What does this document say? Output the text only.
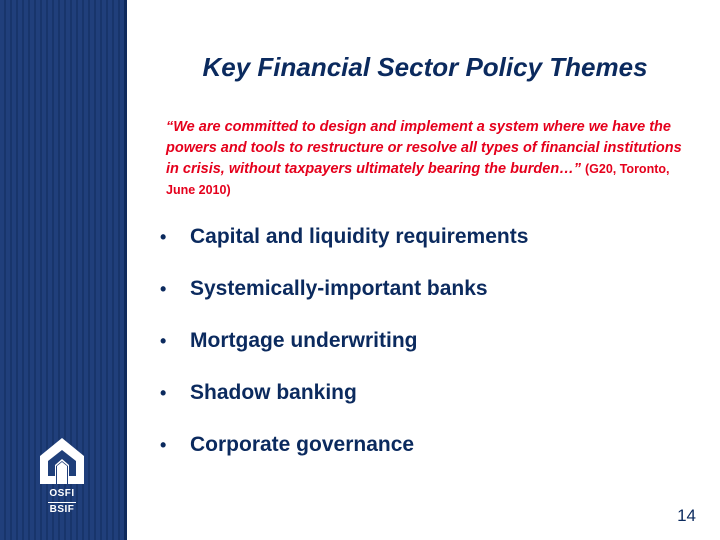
OSFI
BSIF
Key Financial Sector Policy Themes
“We are committed to design and implement a system where we have the powers and tools to restructure or resolve all types of financial institutions in crisis, without taxpayers ultimately bearing the burden…” (G20, Toronto, June 2010)
• Capital and liquidity requirements
• Systemically-important banks
• Mortgage underwriting
• Shadow banking
• Corporate governance
14
